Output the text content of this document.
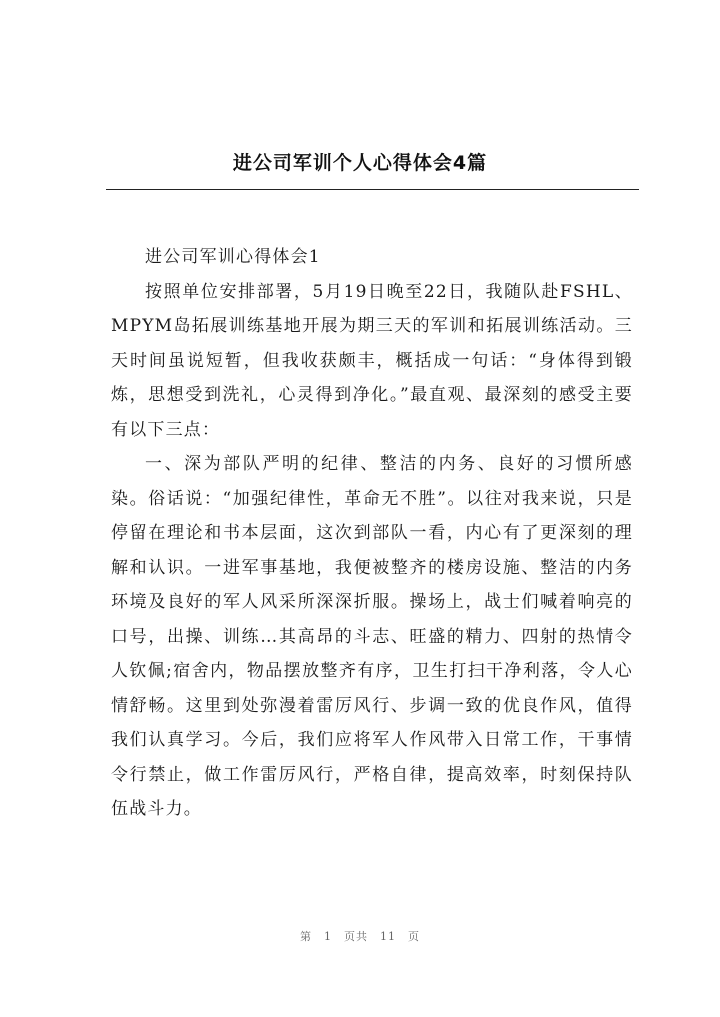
进公司军训个人心得体会4篇

进公司军训心得体会1

按照单位安排部署，5月19日晚至22日，我随队赴FSHL、MPYM岛拓展训练基地开展为期三天的军训和拓展训练活动。三天时间虽说短暂，但我收获颇丰，概括成一句话：“身体得到锻炼，思想受到洗礼，心灵得到净化。”最直观、最深刻的感受主要有以下三点：

一、深为部队严明的纪律、整洁的内务、良好的习惯所感染。俗话说：“加强纪律性，革命无不胜”。以往对我来说，只是停留在理论和书本层面，这次到部队一看，内心有了更深刻的理解和认识。一进军事基地，我便被整齐的楼房设施、整洁的内务环境及良好的军人风采所深深折服。操场上，战士们喊着响亮的口号，出操、训练…其高昂的斗志、旺盛的精力、四射的热情令人钦佩;宿舍内，物品摆放整齐有序，卫生打扫干净利落，令人心情舒畅。这里到处弥漫着雷厉风行、步调一致的优良作风，值得我们认真学习。今后，我们应将军人作风带入日常工作，干事情令行禁止，做工作雷厉风行，严格自律，提高效率，时刻保持队伍战斗力。

第 1 页共 11 页
